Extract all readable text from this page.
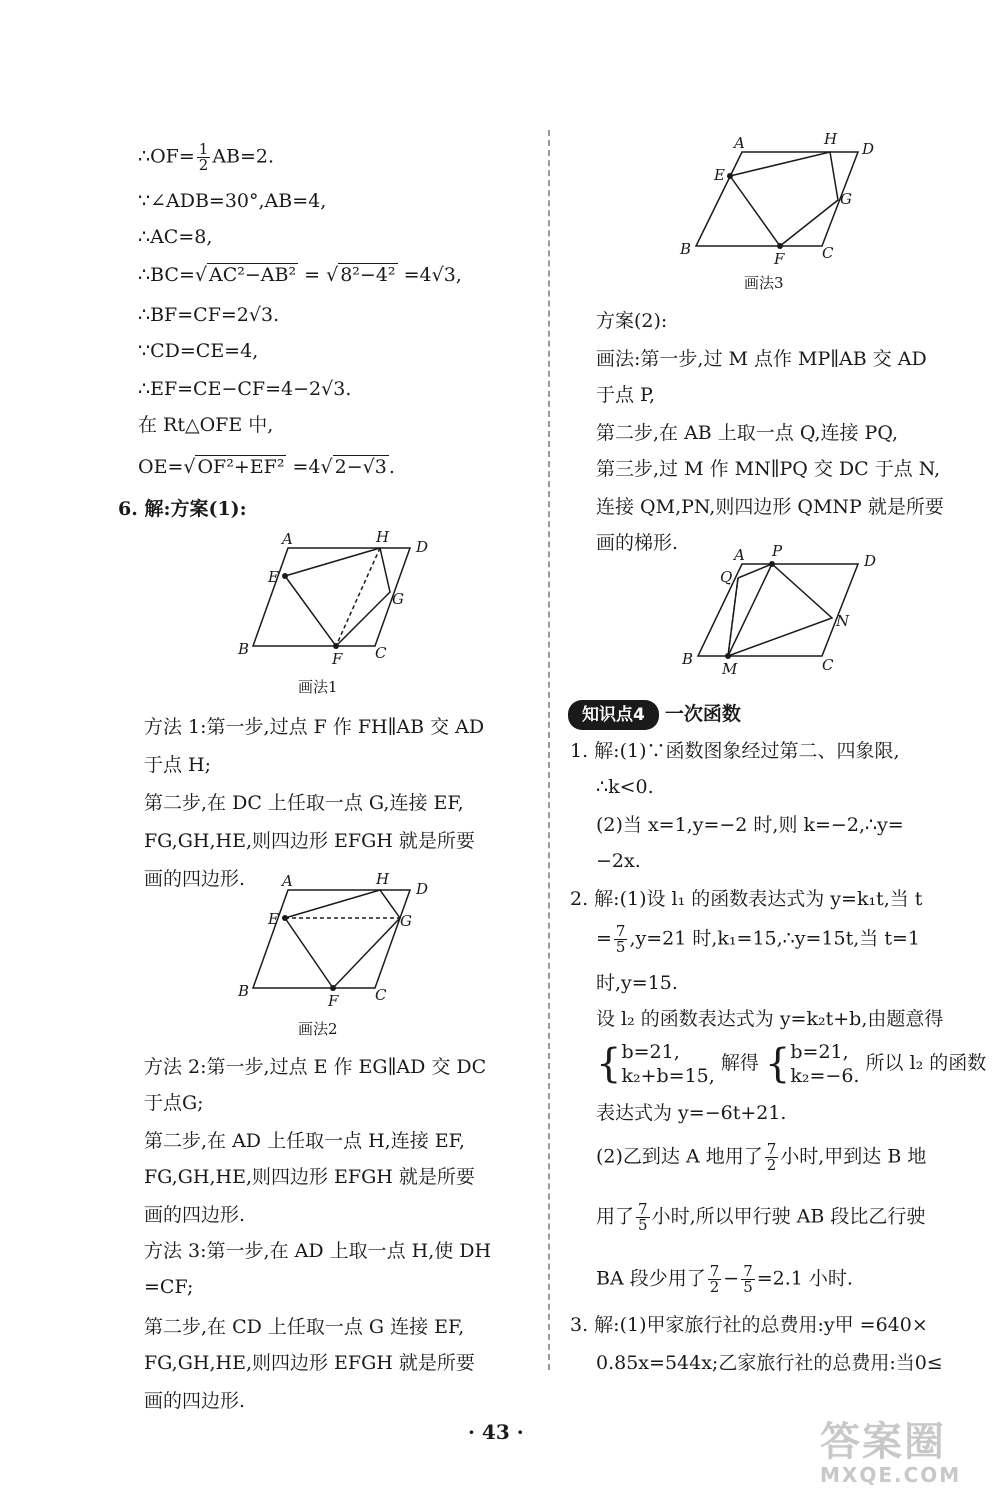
∴OF= $\frac{1}{2} AB=2$.
∵∠ADB=30°,AB=4,
∴AC=8,
∴BC=√ AC²−AB² = √ 8²−4² =4√3,
∴BF=CF=2√3.
∵CD=CE=4,
∴EF=CE−CF=4−2√3.
在 Rt△OFE 中,
OE=√ OF²+EF² =4√ 2−√3 .
6. 解:方案(1):
A	H
D
E
G
B
F C
画法1
方法 1:第一步,过点 F 作 FH∥AB 交 AD
于点 H;
第二步,在 DC 上任取一点 G,连接 EF,
FG,GH,HE,则四边形 EFGH 就是所要
画的四边形. A	H
D
E	G
B
F C
画法2
方法 2:第一步,过点 E 作 EG∥AD 交 DC
于点G;
第二步,在 AD 上任取一点 H,连接 EF,
FG,GH,HE,则四边形 EFGH 就是所要
画的四边形.
方法 3:第一步,在 AD 上取一点 H,使 DH
=CF;
第二步,在 CD 上任取一点 G 连接 EF,
FG,GH,HE,则四边形 EFGH 就是所要
画的四边形.
A	H
D
E
G
B
F	C
画法3
方案(2):
画法:第一步,过 M 点作 MP∥AB 交 AD
于点 P,
第二步,在 AB 上取一点 Q,连接 PQ,
第三步,过 M 作 MN∥PQ 交 DC 于点 N,
连接 QM,PN,则四边形 QMNP 就是所要
画的梯形.
A P
D
Q
N
B
M	C
知识点4 一次函数
1. 解:(1)∵函数图象经过第二、四象限,
∴k<0.
(2)当 x=1,y=−2 时,则 k=−2,∴y=
−2x.
2. 解:(1)设 l₁ 的函数表达式为 y=k₁t,当 t
= $\frac{7}{5} ,y=21$ 时,k₁=15,∴y=15t,当 t=1
时,y=15.
设 l₂ 的函数表达式为 y=k₂t+b,由题意得
{ b=21,
k₂+b=15,
解得 { b=21,
k₂=−6.
所以 l₂ 的函数
表达式为 y=−6t+21.
(2)乙到达 A 地用了 $\frac{7}{2}$ 小时,甲到达 B 地
用了 $\frac{7}{5}$ 小时,所以甲行驶 AB 段比乙行驶
BA 段少用了 $\frac{7}{2} - \frac{7}{5} =2.1$ 小时.
3. 解:(1)甲家旅行社的总费用:y甲 =640×
0.85x=544x;乙家旅行社的总费用:当0≤
· 43 ·	答案圈
MXQE.COM
